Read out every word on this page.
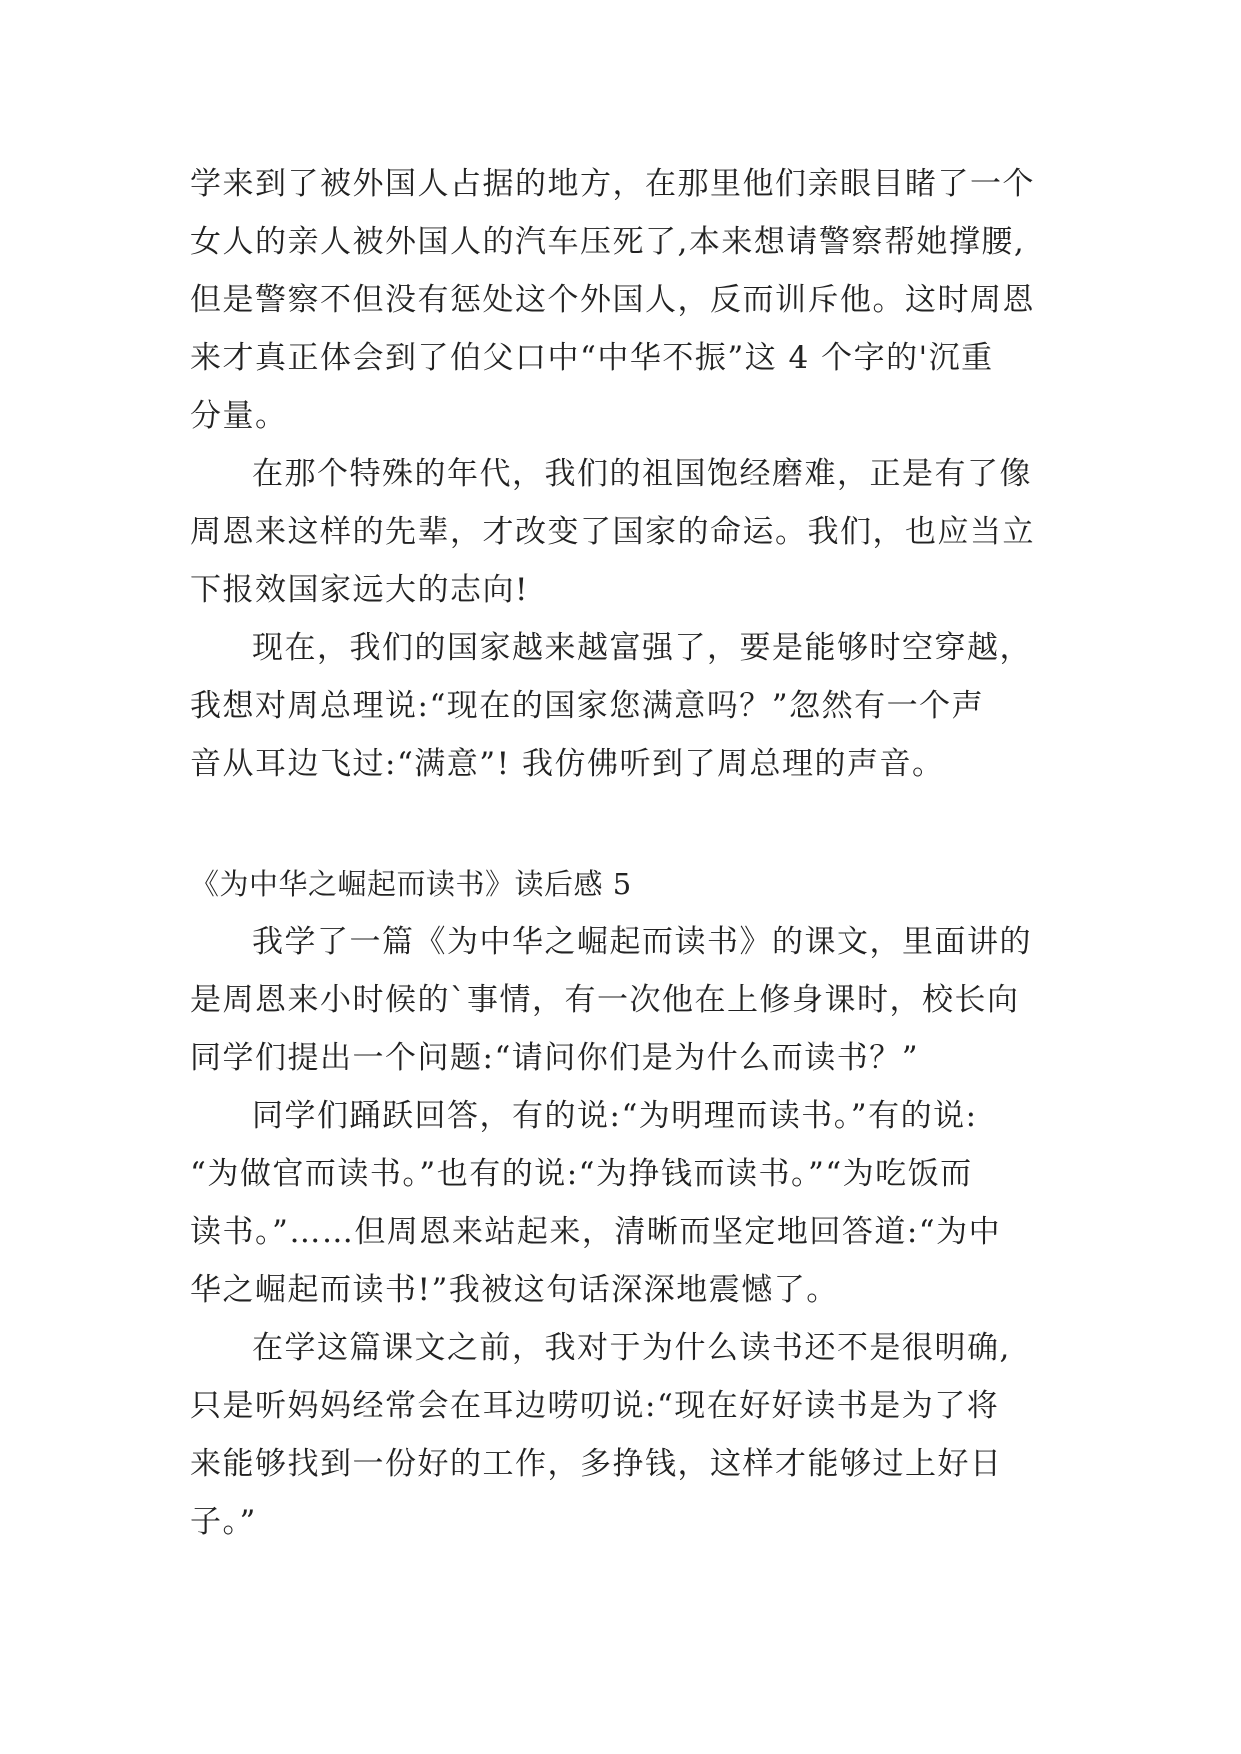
学来到了被外国人占据的地方，在那里他们亲眼目睹了一个
女人的亲人被外国人的汽车压死了,本来想请警察帮她撑腰,
但是警察不但没有惩处这个外国人，反而训斥他。这时周恩
来才真正体会到了伯父口中“中华不振”这 4 个字的'沉重
分量。
在那个特殊的年代，我们的祖国饱经磨难，正是有了像
周恩来这样的先辈，才改变了国家的命运。我们，也应当立
下报效国家远大的志向!
现在，我们的国家越来越富强了，要是能够时空穿越，
我想对周总理说:“现在的国家您满意吗？”忽然有一个声
音从耳边飞过:“满意”! 我仿佛听到了周总理的声音。
《为中华之崛起而读书》读后感 5
我学了一篇《为中华之崛起而读书》的课文，里面讲的
是周恩来小时候的`事情，有一次他在上修身课时，校长向
同学们提出一个问题:“请问你们是为什么而读书？”
同学们踊跃回答，有的说:“为明理而读书。”有的说:
“为做官而读书。”也有的说:“为挣钱而读书。”“为吃饭而
读书。”……但周恩来站起来，清晰而坚定地回答道:“为中
华之崛起而读书!”我被这句话深深地震憾了。
在学这篇课文之前，我对于为什么读书还不是很明确,
只是听妈妈经常会在耳边唠叨说:“现在好好读书是为了将
来能够找到一份好的工作，多挣钱，这样才能够过上好日
子。”
